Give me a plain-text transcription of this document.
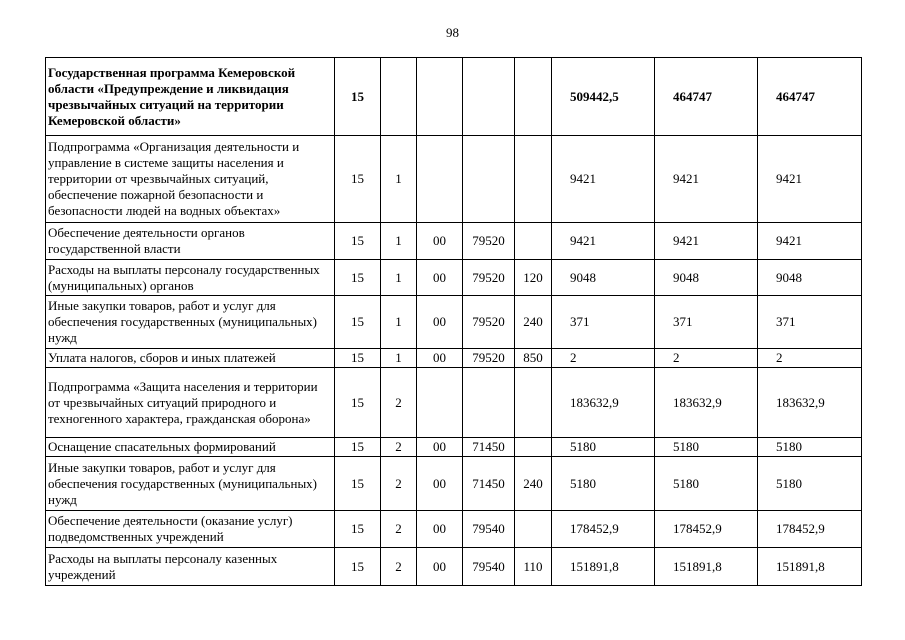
98
Государственная программа Кемеровской области «Предупреждение и ликвидация чрезвычайных ситуаций на территории Кемеровской области»	15					509442,5	464747	464747
Подпрограмма «Организация деятельности и управление в системе защиты населения и территории от чрезвычайных ситуаций, обеспечение пожарной безопасности и безопасности людей на водных объектах»	15	1				9421	9421	9421
Обеспечение деятельности органов государственной власти	15	1	00	79520		9421	9421	9421
Расходы на выплаты персоналу государственных (муниципальных) органов	15	1	00	79520	120	9048	9048	9048
Иные закупки товаров, работ и услуг для обеспечения государственных (муниципальных) нужд	15	1	00	79520	240	371	371	371
Уплата налогов, сборов и иных платежей	15	1	00	79520	850	2	2	2
Подпрограмма «Защита населения и территории от чрезвычайных ситуаций природного и техногенного характера, гражданская оборона»	15	2				183632,9	183632,9	183632,9
Оснащение спасательных формирований	15	2	00	71450		5180	5180	5180
Иные закупки товаров, работ и услуг для обеспечения государственных (муниципальных) нужд	15	2	00	71450	240	5180	5180	5180
Обеспечение деятельности (оказание услуг) подведомственных учреждений	15	2	00	79540		178452,9	178452,9	178452,9
Расходы на выплаты персоналу казенных учреждений	15	2	00	79540	110	151891,8	151891,8	151891,8
